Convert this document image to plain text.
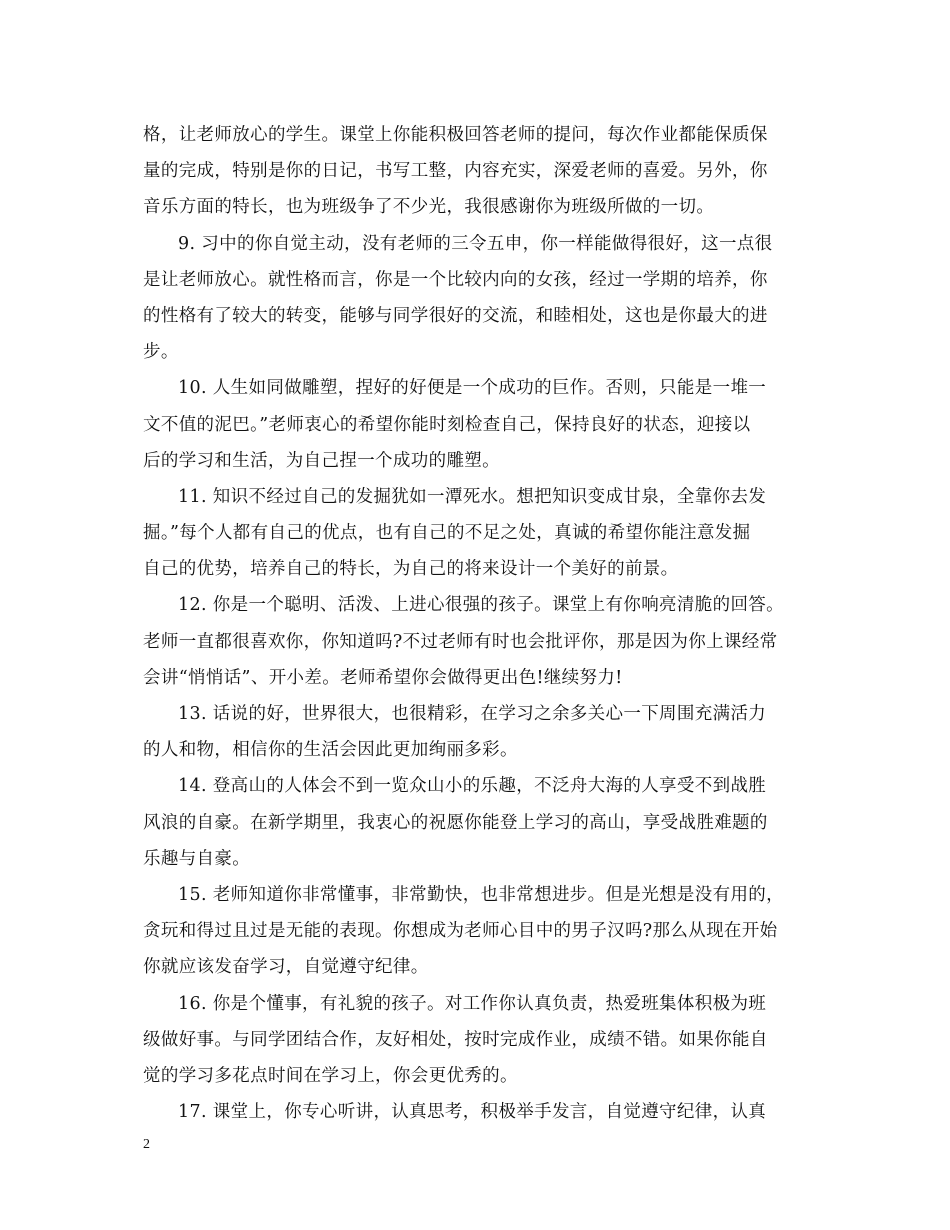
格，让老师放心的学生。课堂上你能积极回答老师的提问，每次作业都能保质保
量的完成，特别是你的日记，书写工整，内容充实，深爱老师的喜爱。另外，你
音乐方面的特长，也为班级争了不少光，我很感谢你为班级所做的一切。
9. 习中的你自觉主动，没有老师的三令五申，你一样能做得很好，这一点很
是让老师放心。就性格而言，你是一个比较内向的女孩，经过一学期的培养，你
的性格有了较大的转变，能够与同学很好的交流，和睦相处，这也是你最大的进
步。
10. 人生如同做雕塑，捏好的好便是一个成功的巨作。否则，只能是一堆一
文不值的泥巴。”老师衷心的希望你能时刻检查自己，保持良好的状态，迎接以
后的学习和生活，为自己捏一个成功的雕塑。
11. 知识不经过自己的发掘犹如一潭死水。想把知识变成甘泉，全靠你去发
掘。”每个人都有自己的优点，也有自己的不足之处，真诚的希望你能注意发掘
自己的优势，培养自己的特长，为自己的将来设计一个美好的前景。
12. 你是一个聪明、活泼、上进心很强的孩子。课堂上有你响亮清脆的回答。
老师一直都很喜欢你，你知道吗?不过老师有时也会批评你，那是因为你上课经常
会讲“悄悄话”、开小差。老师希望你会做得更出色!继续努力!
13. 话说的好，世界很大，也很精彩，在学习之余多关心一下周围充满活力
的人和物，相信你的生活会因此更加绚丽多彩。
14. 登高山的人体会不到一览众山小的乐趣，不泛舟大海的人享受不到战胜
风浪的自豪。在新学期里，我衷心的祝愿你能登上学习的高山，享受战胜难题的
乐趣与自豪。
15. 老师知道你非常懂事，非常勤快，也非常想进步。但是光想是没有用的，
贪玩和得过且过是无能的表现。你想成为老师心目中的男子汉吗?那么从现在开始
你就应该发奋学习，自觉遵守纪律。
16. 你是个懂事，有礼貌的孩子。对工作你认真负责，热爱班集体积极为班
级做好事。与同学团结合作，友好相处，按时完成作业，成绩不错。如果你能自
觉的学习多花点时间在学习上，你会更优秀的。
17. 课堂上，你专心听讲，认真思考，积极举手发言，自觉遵守纪律，认真
2
